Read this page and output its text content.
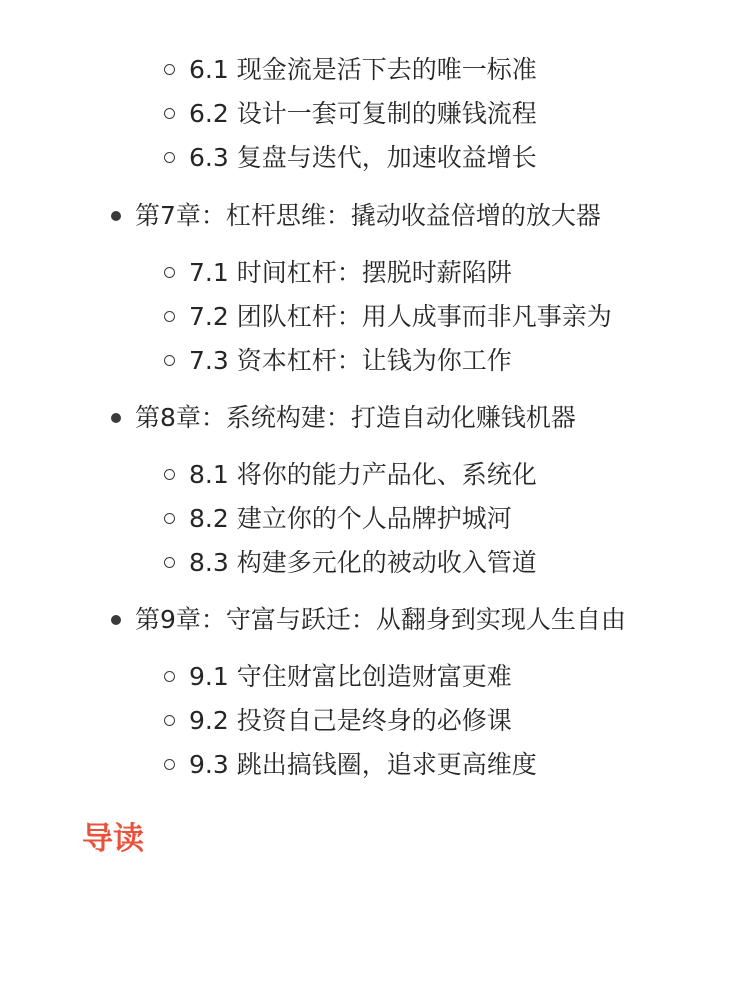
6.1 现金流是活下去的唯一标准
6.2 设计一套可复制的赚钱流程
6.3 复盘与迭代，加速收益增长
第7章：杠杆思维：撬动收益倍增的放大器
7.1 时间杠杆：摆脱时薪陷阱
7.2 团队杠杆：用人成事而非凡事亲为
7.3 资本杠杆：让钱为你工作
第8章：系统构建：打造自动化赚钱机器
8.1 将你的能力产品化、系统化
8.2 建立你的个人品牌护城河
8.3 构建多元化的被动收入管道
第9章：守富与跃迁：从翻身到实现人生自由
9.1 守住财富比创造财富更难
9.2 投资自己是终身的必修课
9.3 跳出搞钱圈，追求更高维度
导读
